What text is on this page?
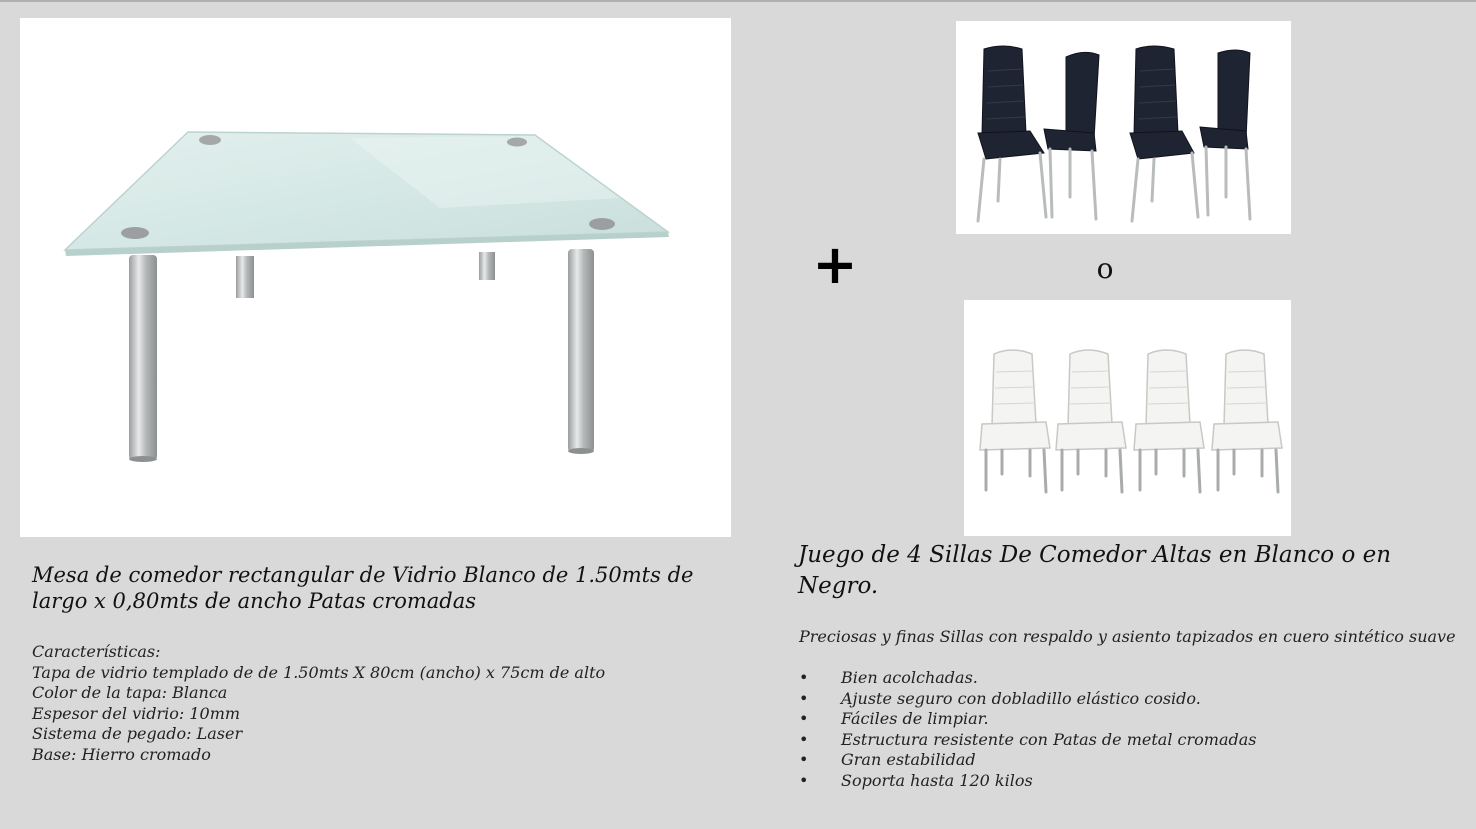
+	o
Mesa de comedor rectangular de Vidrio Blanco de 1.50mts de largo x 0,80mts de ancho Patas cromadas
Características:
Tapa de vidrio templado de de 1.50mts X 80cm (ancho) x 75cm de alto
Color de la tapa: Blanca
Espesor del vidrio: 10mm
Sistema de pegado: Laser
Base: Hierro cromado
Juego de 4 Sillas De Comedor Altas en Blanco o en Negro.
Preciosas y finas Sillas con respaldo y asiento tapizados en cuero sintético suave
• Bien acolchadas.
• Ajuste seguro con dobladillo elástico cosido.
• Fáciles de limpiar.
• Estructura resistente con Patas de metal cromadas
• Gran estabilidad
• Soporta hasta 120 kilos
